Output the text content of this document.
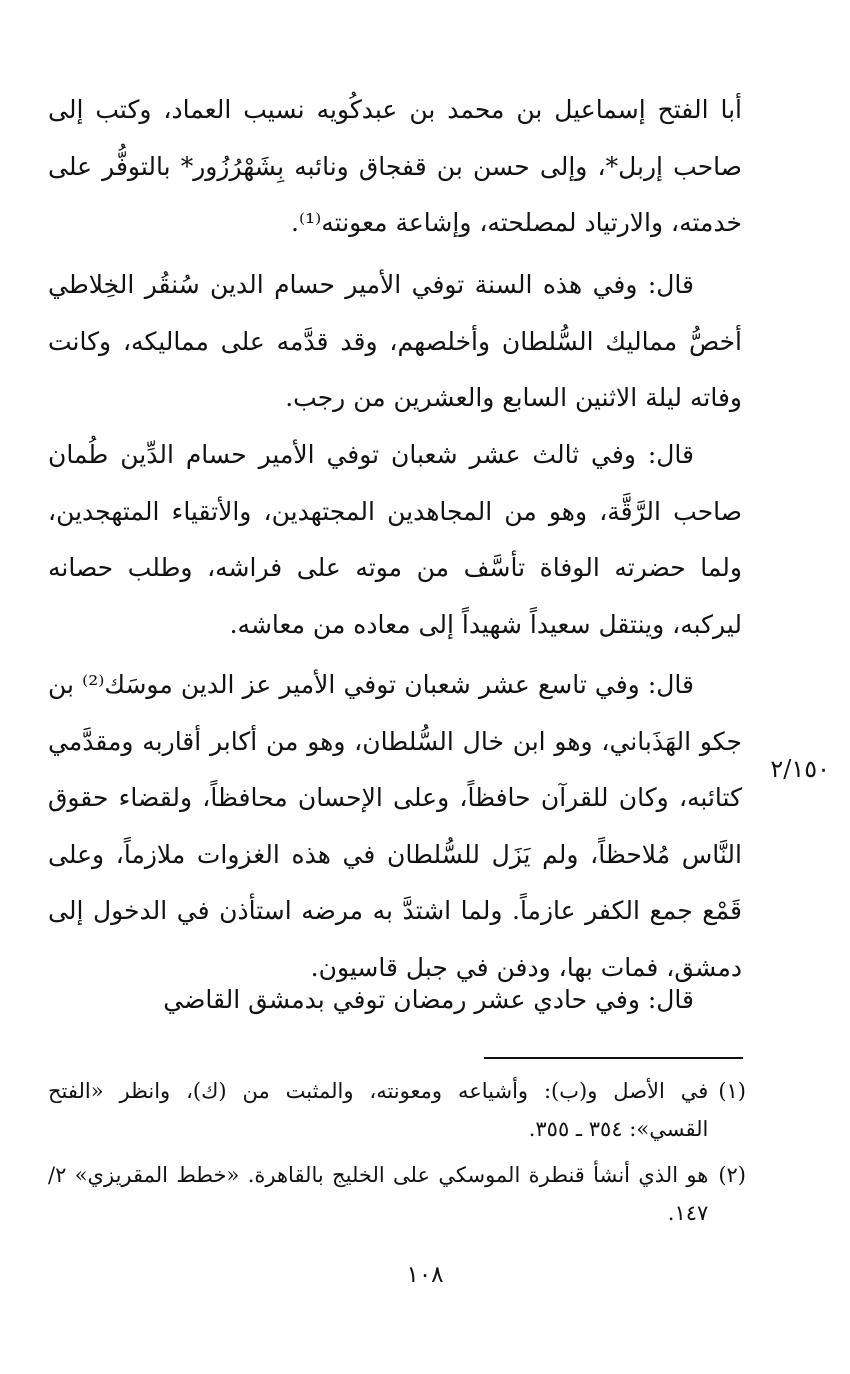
أبا الفتح إسماعيل بن محمد بن عبدكُويه نسيب العماد، وكتب إلى صاحب إربل*، وإلى حسن بن قفجاق ونائبه بِشَهْرُزُور* بالتوفُّر على خدمته، والارتياد لمصلحته، وإشاعة معونته⁽¹⁾.

قال: وفي هذه السنة توفي الأمير حسام الدين سُنقُر الخِلاطي أخصُّ مماليك السُّلطان وأخلصهم، وقد قدَّمه على مماليكه، وكانت وفاته ليلة الاثنين السابع والعشرين من رجب.

قال: وفي ثالث عشر شعبان توفي الأمير حسام الدِّين طُمان صاحب الرَّقَّة، وهو من المجاهدين المجتهدين، والأتقياء المتهجدين، ولما حضرته الوفاة تأسَّف من موته على فراشه، وطلب حصانه ليركبه، وينتقل سعيداً شهيداً إلى معاده من معاشه.

قال: وفي تاسع عشر شعبان توفي الأمير عز الدين موسَك⁽²⁾ بن جكو الهَذَباني، وهو ابن خال السُّلطان، وهو من أكابر أقاربه ومقدَّمي كتائبه، وكان للقرآن حافظاً، وعلى الإحسان محافظاً، ولقضاء حقوق النَّاس مُلاحظاً، ولم يَزَل للسُّلطان في هذه الغزوات ملازماً، وعلى قَمْع جمع الكفر عازماً. ولما اشتدَّ به مرضه استأذن في الدخول إلى دمشق، فمات بها، ودفن في جبل قاسيون.

قال: وفي حادي عشر رمضان توفي بدمشق القاضي

٢/١٥٠
(١)
في الأصل و(ب): وأشياعه ومعونته، والمثبت من (ك)، وانظر «الفتح القسي»: ٣٥٤ ـ ٣٥٥.
(٢)
هو الذي أنشأ قنطرة الموسكي على الخليج بالقاهرة. «خطط المقريزي» ٢/ ١٤٧.
١٠٨
